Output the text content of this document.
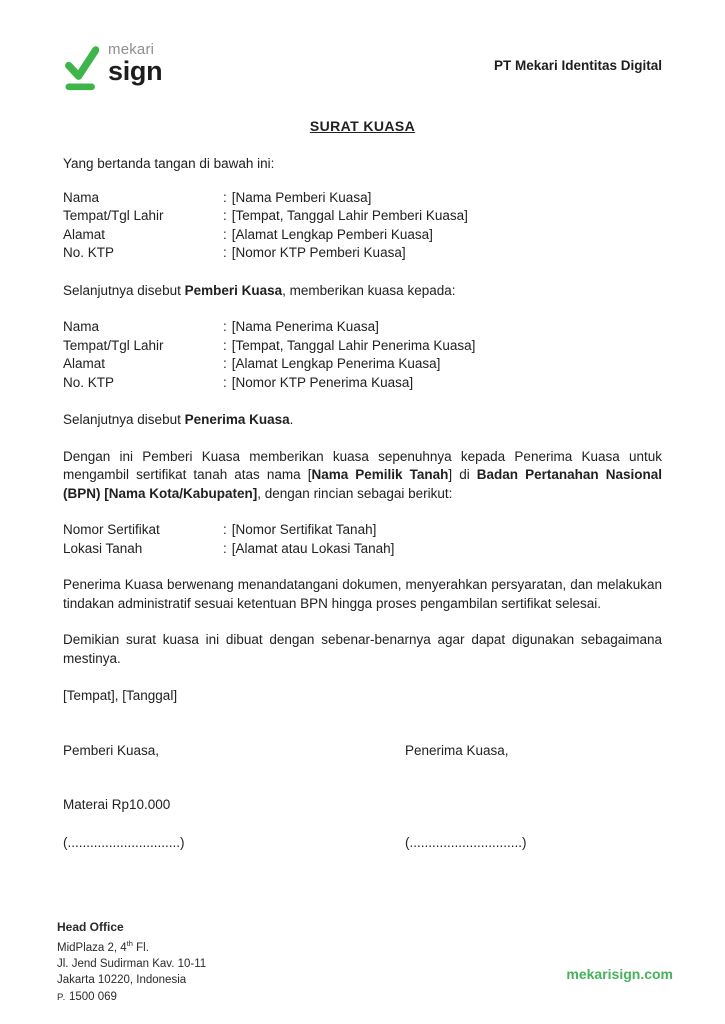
mekari
sign	PT Mekari Identitas Digital
SURAT KUASA
Yang bertanda tangan di bawah ini:
Nama	: [Nama Pemberi Kuasa]
Tempat/Tgl Lahir	: [Tempat, Tanggal Lahir Pemberi Kuasa]
Alamat	: [Alamat Lengkap Pemberi Kuasa]
No. KTP	: [Nomor KTP Pemberi Kuasa]
Selanjutnya disebut Pemberi Kuasa, memberikan kuasa kepada:
Nama	: [Nama Penerima Kuasa]
Tempat/Tgl Lahir	: [Tempat, Tanggal Lahir Penerima Kuasa]
Alamat	: [Alamat Lengkap Penerima Kuasa]
No. KTP	: [Nomor KTP Penerima Kuasa]
Selanjutnya disebut Penerima Kuasa.
Dengan ini Pemberi Kuasa memberikan kuasa sepenuhnya kepada Penerima Kuasa untuk mengambil sertifikat tanah atas nama [Nama Pemilik Tanah] di Badan Pertanahan Nasional (BPN) [Nama Kota/Kabupaten], dengan rincian sebagai berikut:
Nomor Sertifikat	: [Nomor Sertifikat Tanah]
Lokasi Tanah	: [Alamat atau Lokasi Tanah]
Penerima Kuasa berwenang menandatangani dokumen, menyerahkan persyaratan, dan melakukan tindakan administratif sesuai ketentuan BPN hingga proses pengambilan sertifikat selesai.
Demikian surat kuasa ini dibuat dengan sebenar-benarnya agar dapat digunakan sebagaimana mestinya.
[Tempat], [Tanggal]
Pemberi Kuasa,	Penerima Kuasa,
Materai Rp10.000
(..............................)	(..............................)
Head Office
MidPlaza 2, 4th Fl.
Jl. Jend Sudirman Kav. 10-11
Jakarta 10220, Indonesia
P. 1500 069
mekarisign.com
